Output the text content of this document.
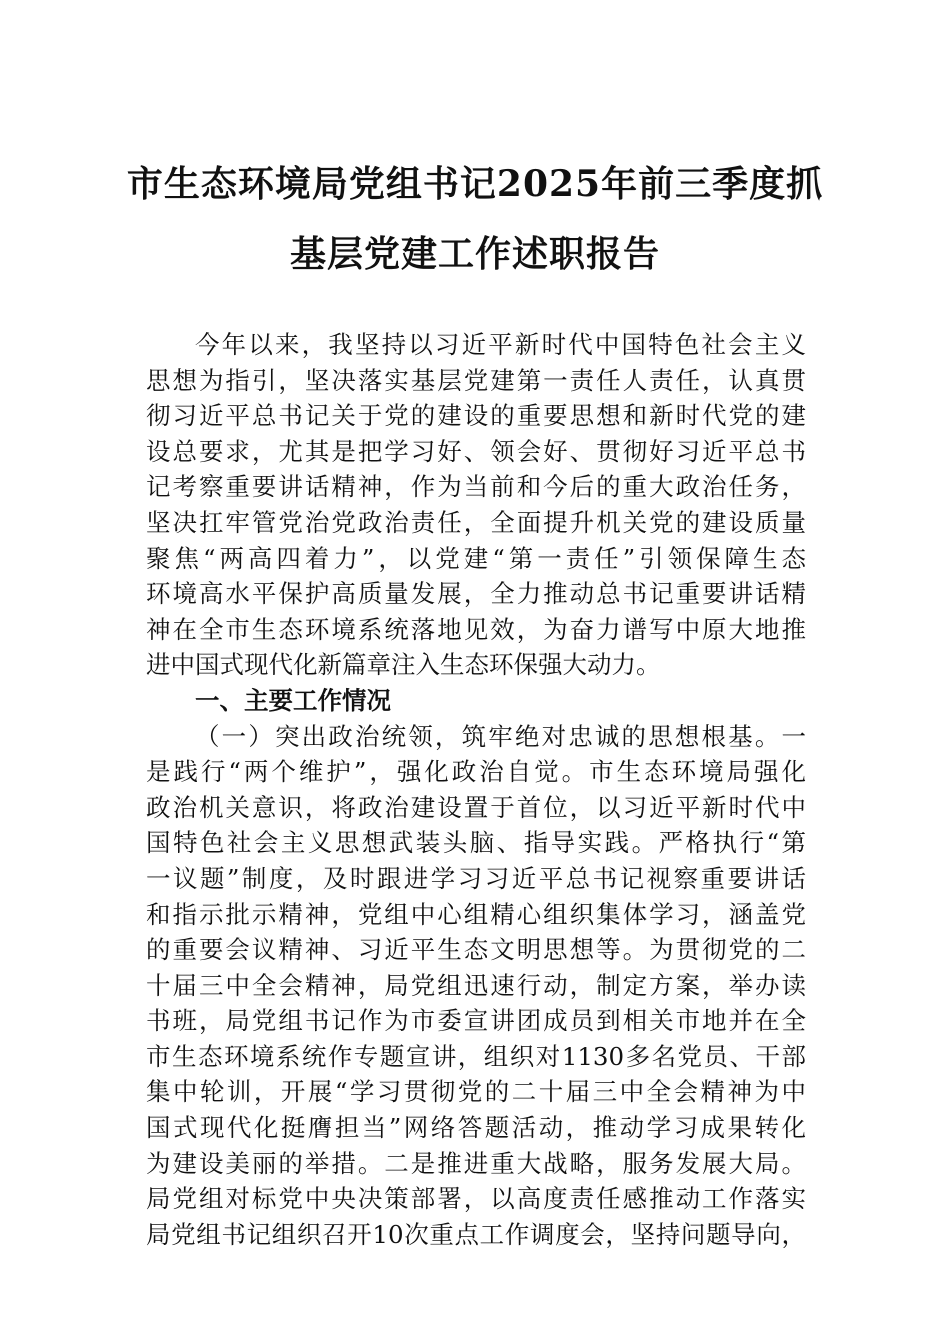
市生态环境局党组书记2025年前三季度抓
基层党建工作述职报告
今年以来，我坚持以习近平新时代中国特色社会主义
思想为指引，坚决落实基层党建第一责任人责任，认真贯
彻习近平总书记关于党的建设的重要思想和新时代党的建
设总要求，尤其是把学习好、领会好、贯彻好习近平总书
记考察重要讲话精神，作为当前和今后的重大政治任务，
坚决扛牢管党治党政治责任，全面提升机关党的建设质量
聚焦“两高四着力”，以党建“第一责任”引领保障生态
环境高水平保护高质量发展，全力推动总书记重要讲话精
神在全市生态环境系统落地见效，为奋力谱写中原大地推
进中国式现代化新篇章注入生态环保强大动力。
一、主要工作情况
（一）突出政治统领，筑牢绝对忠诚的思想根基。一
是践行“两个维护”，强化政治自觉。市生态环境局强化
政治机关意识，将政治建设置于首位，以习近平新时代中
国特色社会主义思想武装头脑、指导实践。严格执行“第
一议题”制度，及时跟进学习习近平总书记视察重要讲话
和指示批示精神，党组中心组精心组织集体学习，涵盖党
的重要会议精神、习近平生态文明思想等。为贯彻党的二
十届三中全会精神，局党组迅速行动，制定方案，举办读
书班，局党组书记作为市委宣讲团成员到相关市地并在全
市生态环境系统作专题宣讲，组织对1130多名党员、干部
集中轮训，开展“学习贯彻党的二十届三中全会精神为中
国式现代化挺膺担当”网络答题活动，推动学习成果转化
为建设美丽的举措。二是推进重大战略，服务发展大局。
局党组对标党中央决策部署，以高度责任感推动工作落实
局党组书记组织召开10次重点工作调度会，坚持问题导向，
